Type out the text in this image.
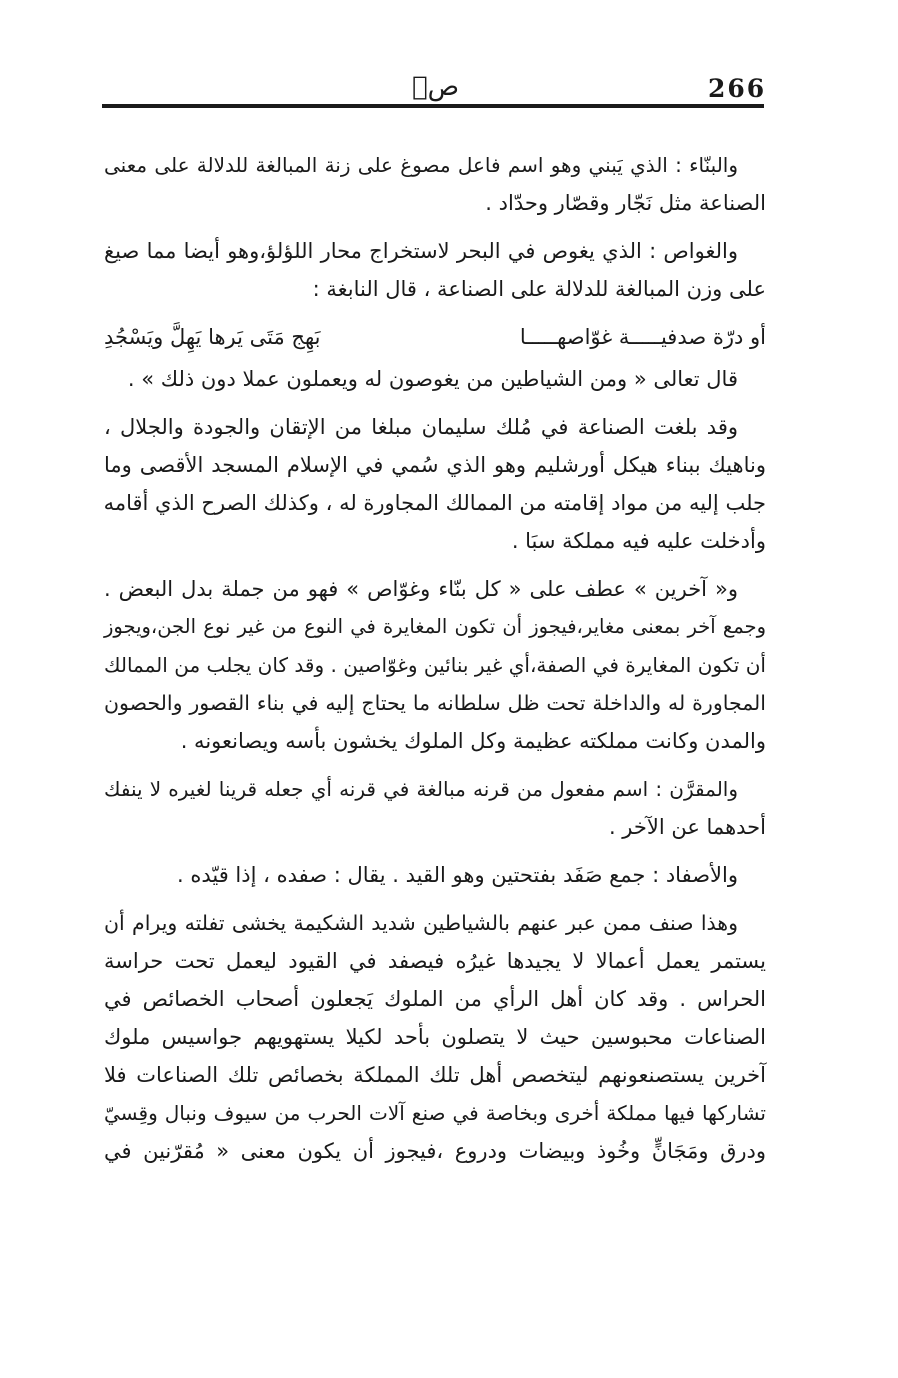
266
صۤ
والبنّاء : الذي يَبني وهو اسم فاعل مصوغ على زنة المبالغة للدلالة على معنى
الصناعة مثل نَجّار وقصّار وحدّاد .
والغواص : الذي يغوص في البحر لاستخراج محار اللؤلؤ،وهو أيضا مما صيغ
على وزن المبالغة للدلالة على الصناعة ، قال النابغة :
أو درّة صدفيـــــة غوّاصهـــــا
بَهِج مَتَى يَرها يَهِلَّ ويَسْجُدِ
قال تعالى « ومن الشياطين من يغوصون له ويعملون عملا دون ذلك » .
وقد بلغت الصناعة في مُلك سليمان مبلغا من الإتقان والجودة والجلال ،
وناهيك ببناء هيكل أورشليم وهو الذي سُمي في الإسلام المسجد الأقصى وما
جلب إليه من مواد إقامته من الممالك المجاورة له ، وكذلك الصرح الذي أقامه
وأدخلت عليه فيه مملكة سبَا .
و« آخرين » عطف على « كل بنّاء وغوّاص » فهو من جملة بدل البعض .
وجمع آخر بمعنى مغاير،فيجوز أن تكون المغايرة في النوع من غير نوع الجن،ويجوز
أن تكون المغايرة في الصفة،أي غير بنائين وغوّاصين . وقد كان يجلب من الممالك
المجاورة له والداخلة تحت ظل سلطانه ما يحتاج إليه في بناء القصور والحصون
والمدن وكانت مملكته عظيمة وكل الملوك يخشون بأسه ويصانعونه .
والمقرَّن : اسم مفعول من قرنه مبالغة في قرنه أي جعله قرينا لغيره لا ينفك
أحدهما عن الآخر .
والأصفاد : جمع صَفَد بفتحتين وهو القيد . يقال : صفده ، إذا قيّده .
وهذا صنف ممن عبر عنهم بالشياطين شديد الشكيمة يخشى تفلته ويرام أن
يستمر يعمل أعمالا لا يجيدها غيرُه فيصفد في القيود ليعمل تحت حراسة
الحراس . وقد كان أهل الرأي من الملوك يَجعلون أصحاب الخصائص في
الصناعات محبوسين حيث لا يتصلون بأحد لكيلا يستهويهم جواسيس ملوك
آخرين يستصنعونهم ليتخصص أهل تلك المملكة بخصائص تلك الصناعات فلا
تشاركها فيها مملكة أخرى وبخاصة في صنع آلات الحرب من سيوف ونبال وقِسيّ
ودرق ومَجَانٍّ وخُوذ وبيضات ودروع ،فيجوز أن يكون معنى « مُقرّنين في
